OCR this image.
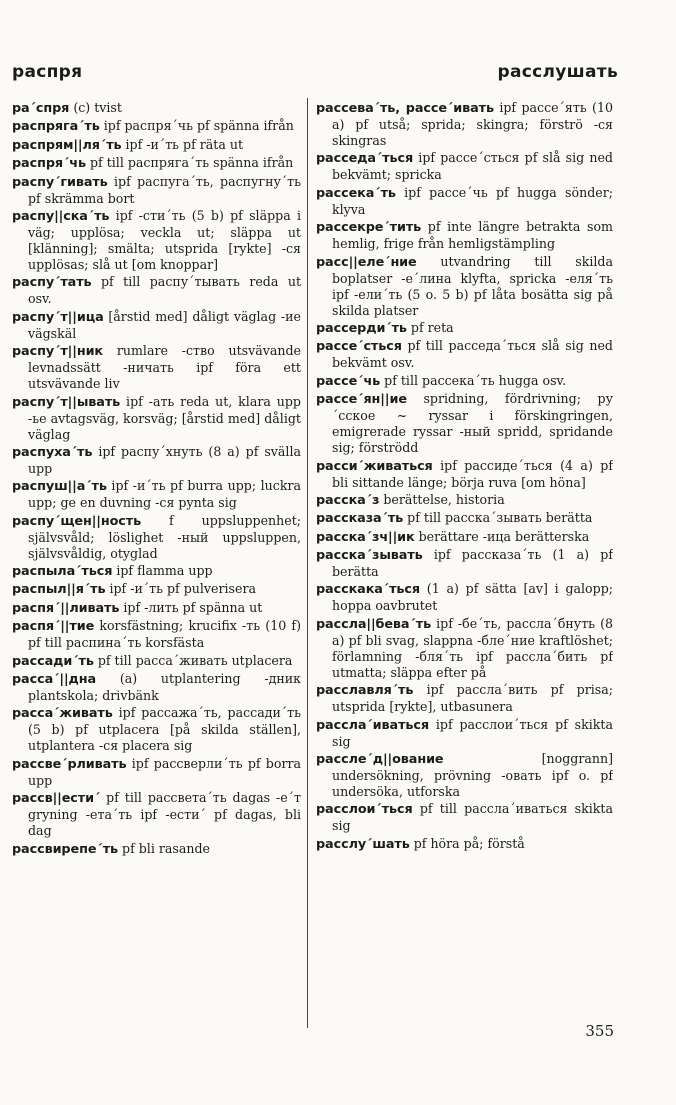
распря	расслушать
ра´спря (c) tvist
распряга´ть ipf распря´чь pf spänna ifrån
распрям||ля´ть ipf -и´ть pf räta ut
распря´чь pf till распряга´ть spänna ifrån
распу´гивать ipf распуга´ть, распугну´ть pf skrämma bort
распу||ска´ть ipf -сти´ть (5 b) pf släppa i väg; upplösa; veckla ut; släppa ut [klänning]; smälta; utsprida [rykte] -ся upplösas; slå ut [om knoppar]
распу´тать pf till распу´тывать reda ut osv.
распу´т||ица [årstid med] dåligt väglag -ие vägskäl
распу´т||ник rumlare -ство utsvävande levnadssätt -ничать ipf föra ett utsvävande liv
распу´т||ывать ipf -ать reda ut, klara upp -ье avtagsväg, korsväg; [årstid med] dåligt väglag
распуха´ть ipf распу´хнуть (8 a) pf svälla upp
распуш||а´ть ipf -и´ть pf burra upp; luckra upp; ge en duvning -ся pynta sig
распу´щен||ность f uppsluppenhet; självsvåld; löslighet -ный uppsluppen, självsvåldig, otyglad
распыла´ться ipf flamma upp
распыл||я´ть ipf -и´ть pf pulverisera
распя´||ливать ipf -лить pf spänna ut
распя´||тие korsfästning; krucifix -ть (10 f) pf till распина´ть korsfästa
рассади´ть pf till расса´живать utplacera
расса´||дна (a) utplantering -дник plantskola; drivbänk
расса´живать ipf рассажа´ть, рассади´ть (5 b) pf utplacera [på skilda ställen], utplantera -ся placera sig
рассве´рливать ipf рассверли´ть pf borra upp
рассв||ести´ pf till рассвета´ть dagas -е´т gryning -ета´ть ipf -ести´ pf dagas, bli dag
рассвирепе´ть pf bli rasande
рассева´ть, рассе´ивать ipf рассе´ять (10 a) pf utså; sprida; skingra; förströ -ся skingras
расседа´ться ipf рассе´сться pf slå sig ned bekvämt; spricka
рассека´ть ipf рассе´чь pf hugga sönder; klyva
рассекре´тить pf inte längre betrakta som hemlig, frige från hemligstämpling
расс||еле´ние utvandring till skilda boplatser -е´лина klyfta, spricka -еля´ть ipf -ели´ть (5 o. 5 b) pf låta bosätta sig på skilda platser
рассерди´ть pf reta
рассе´сться pf till расседа´ться slå sig ned bekvämt osv.
рассе´чь pf till рассека´ть hugga osv.
рассе´ян||ие spridning, fördrivning; ру´сское ~ ryssar i förskingringen, emigrerade ryssar -ный spridd, spridande sig; förströdd
расси´живаться ipf рассиде´ться (4 a) pf bli sittande länge; börja ruva [om höna]
расска´з berättelse, historia
рассказа´ть pf till расска´зывать berätta
расска´зч||ик berättare -ица berätterska
расска´зывать ipf рассказа´ть (1 a) pf berätta
расскака´ться (1 a) pf sätta [av] i galopp; hoppa oavbrutet
рассла||бева´ть ipf -бе´ть, рассла´бнуть (8 a) pf bli svag, slappna -бле´ние kraftlöshet; förlamning -бля´ть ipf рассла´бить pf utmatta; släppa efter på
расславля´ть ipf рассла´вить pf prisa; utsprida [rykte], utbasunera
рассла´иваться ipf расслои´ться pf skikta sig
рассле´д||ование [noggrann] undersökning, prövning -овать ipf o. pf undersöka, utforska
расслои´ться pf till рассла´иваться skikta sig
расслу´шать pf höra på; förstå
355
